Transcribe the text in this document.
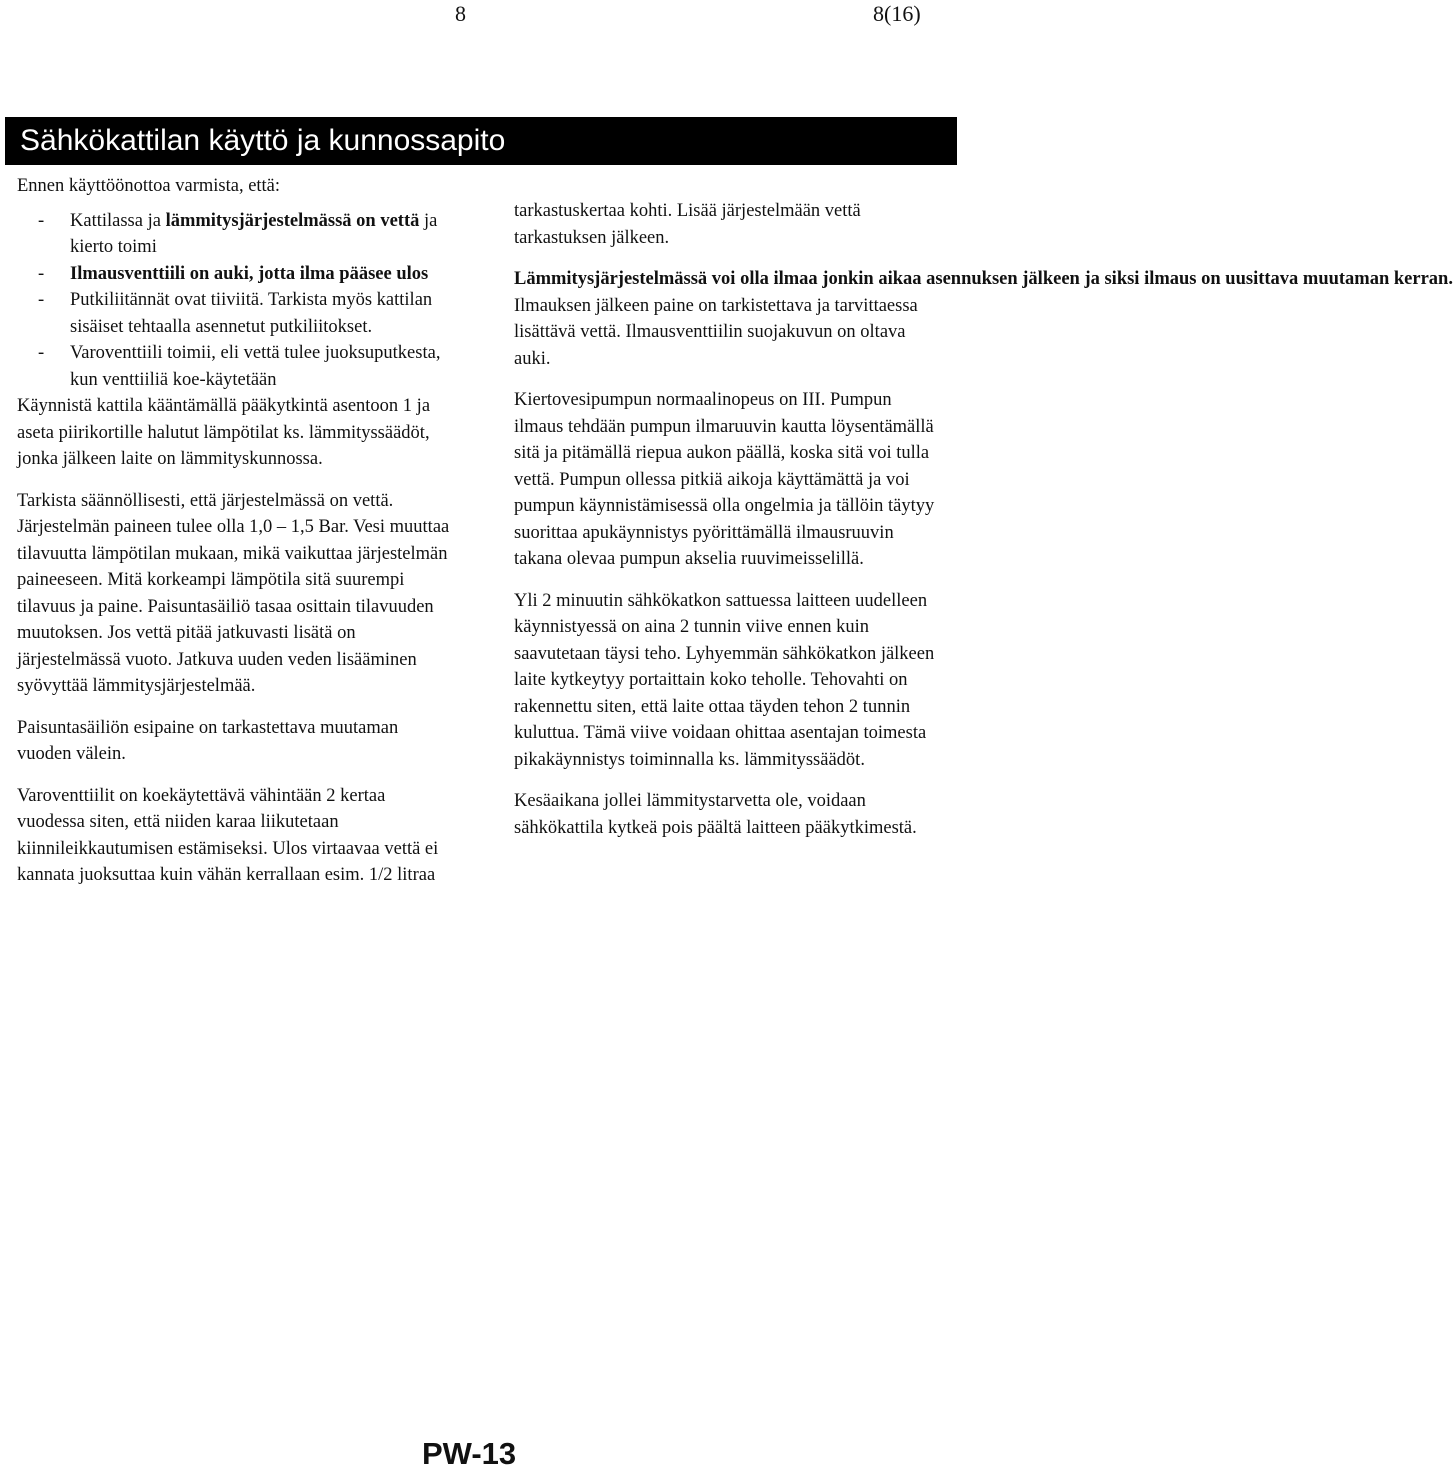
8	8(16)
Sähkökattilan käyttö ja kunnossapito

Ennen käyttöönottoa varmista, että:

-	Kattilassa ja lämmitysjärjestelmässä on vettä ja kierto toimi
-	Ilmausventtiili on auki, jotta ilma pääsee ulos
-	Putkiliitännät ovat tiiviitä. Tarkista myös kattilan sisäiset tehtaalla asennetut putkiliitokset.
-	Varoventtiili toimii, eli vettä tulee juoksuputkesta, kun venttiiliä koe-käytetään

Käynnistä kattila kääntämällä pääkytkintä asentoon 1 ja aseta piirikortille halutut lämpötilat ks. lämmityssäädöt, jonka jälkeen laite on lämmityskunnossa.

Tarkista säännöllisesti, että järjestelmässä on vettä. Järjestelmän paineen tulee olla 1,0 – 1,5 Bar. Vesi muuttaa tilavuutta lämpötilan mukaan, mikä vaikuttaa järjestelmän paineeseen. Mitä korkeampi lämpötila sitä suurempi tilavuus ja paine. Paisuntasäiliö tasaa osittain tilavuuden muutoksen. Jos vettä pitää jatkuvasti lisätä on järjestelmässä vuoto. Jatkuva uuden veden lisääminen syövyttää lämmitysjärjestelmää.

Paisuntasäiliön esipaine on tarkastettava muutaman vuoden välein.

Varoventtiilit on koekäytettävä vähintään 2 kertaa vuodessa siten, että niiden karaa liikutetaan kiinnileikkautumisen estämiseksi. Ulos virtaavaa vettä ei kannata juoksuttaa kuin vähän kerrallaan esim. 1/2 litraa

tarkastuskertaa kohti. Lisää järjestelmään vettä tarkastuksen jälkeen.

Lämmitysjärjestelmässä voi olla ilmaa jonkin aikaa asennuksen jälkeen ja siksi ilmaus on uusittava muutaman kerran.

Ilmauksen jälkeen paine on tarkistettava ja tarvittaessa lisättävä vettä. Ilmausventtiilin suojakuvun on oltava auki.

Kiertovesipumpun normaalinopeus on III. Pumpun ilmaus tehdään pumpun ilmaruuvin kautta löysentämällä sitä ja pitämällä riepua aukon päällä, koska sitä voi tulla vettä. Pumpun ollessa pitkiä aikoja käyttämättä ja voi pumpun käynnistämisessä olla ongelmia ja tällöin täytyy suorittaa apukäynnistys pyörittämällä ilmausruuvin takana olevaa pumpun akselia ruuvimeisselillä.

Yli 2 minuutin sähkökatkon sattuessa laitteen uudelleen käynnistyessä on aina 2 tunnin viive ennen kuin saavutetaan täysi teho. Lyhyemmän sähkökatkon jälkeen laite kytkeytyy portaittain koko teholle. Tehovahti on rakennettu siten, että laite ottaa täyden tehon 2 tunnin kuluttua. Tämä viive voidaan ohittaa asentajan toimesta pikakäynnistys toiminnalla ks. lämmityssäädöt.

Kesäaikana jollei lämmitystarvetta ole, voidaan sähkökattila kytkeä pois päältä laitteen pääkytkimestä.

PW-13
